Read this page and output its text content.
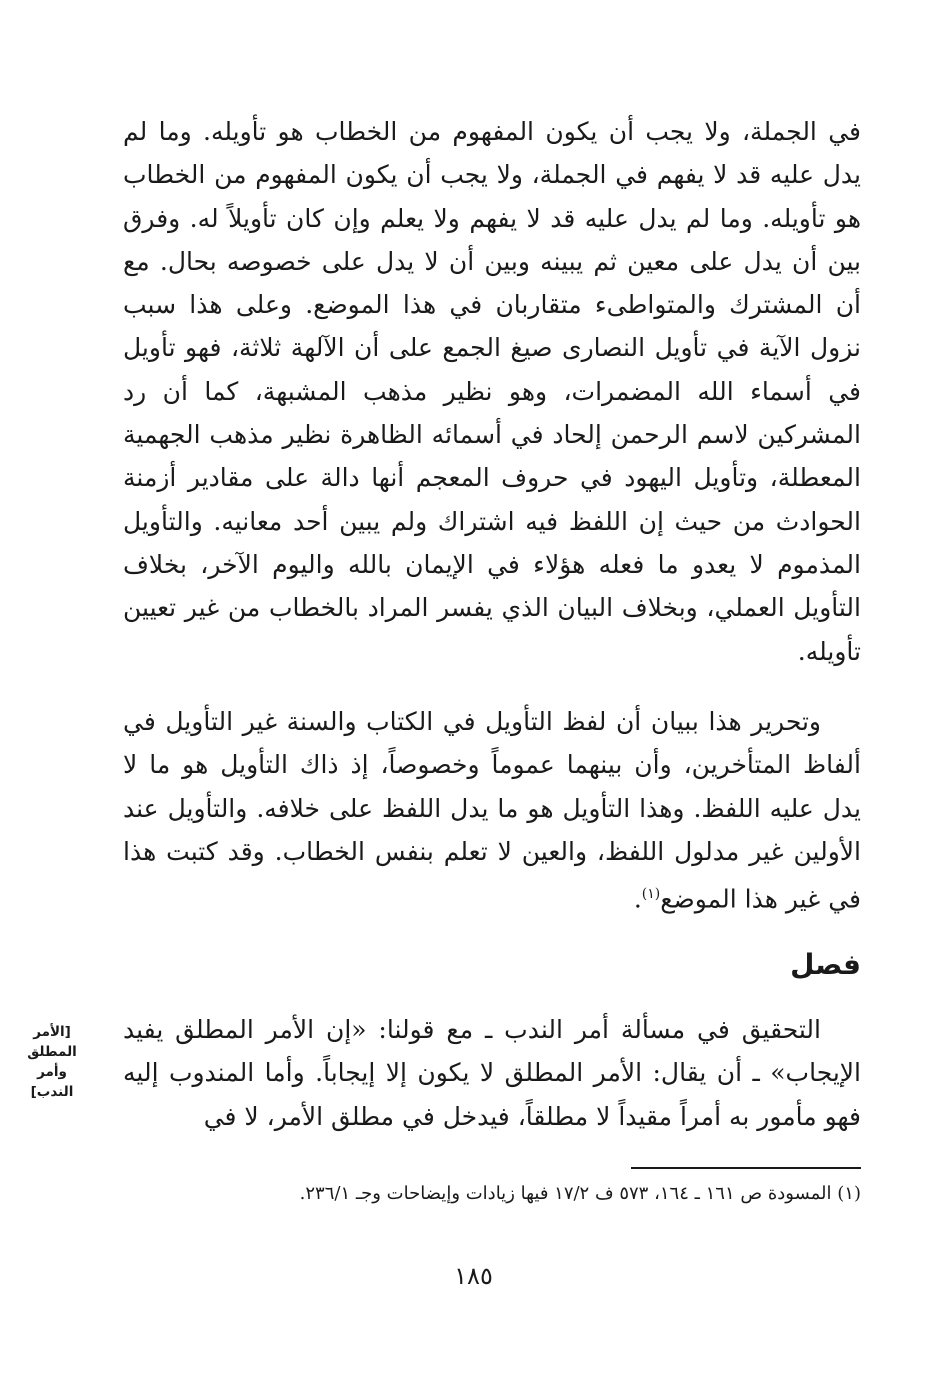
في الجملة، ولا يجب أن يكون المفهوم من الخطاب هو تأويله. وما لم يدل عليه قد لا يفهم في الجملة، ولا يجب أن يكون المفهوم من الخطاب هو تأويله. وما لم يدل عليه قد لا يفهم ولا يعلم وإن كان تأويلاً له. وفرق بين أن يدل على معين ثم يبينه وبين أن لا يدل على خصوصه بحال. مع أن المشترك والمتواطىء متقاربان في هذا الموضع. وعلى هذا سبب نزول الآية في تأويل النصارى صيغ الجمع على أن الآلهة ثلاثة، فهو تأويل في أسماء الله المضمرات، وهو نظير مذهب المشبهة، كما أن رد المشركين لاسم الرحمن إلحاد في أسمائه الظاهرة نظير مذهب الجهمية المعطلة، وتأويل اليهود في حروف المعجم أنها دالة على مقادير أزمنة الحوادث من حيث إن اللفظ فيه اشتراك ولم يبين أحد معانيه. والتأويل المذموم لا يعدو ما فعله هؤلاء في الإيمان بالله واليوم الآخر، بخلاف التأويل العملي، وبخلاف البيان الذي يفسر المراد بالخطاب من غير تعيين تأويله.

وتحرير هذا ببيان أن لفظ التأويل في الكتاب والسنة غير التأويل في ألفاظ المتأخرين، وأن بينهما عموماً وخصوصاً، إذ ذاك التأويل هو ما لا يدل عليه اللفظ. وهذا التأويل هو ما يدل اللفظ على خلافه. والتأويل عند الأولين غير مدلول اللفظ، والعين لا تعلم بنفس الخطاب. وقد كتبت هذا في غير هذا الموضع$^{(١)}$.

فصل

التحقيق في مسألة أمر الندب ـ مع قولنا: «إن الأمر المطلق يفيد الإيجاب» ـ أن يقال: الأمر المطلق لا يكون إلا إيجاباً. وأما المندوب إليه فهو مأمور به أمراً مقيداً لا مطلقاً، فيدخل في مطلق الأمر، لا في

[الأمر المطلق وأمر الندب]

(١) المسودة ص ١٦١ ـ ١٦٤، ٥٧٣ ف ١٧/٢ فيها زيادات وإيضاحات وجـ ٢٣٦/١.

١٨٥
